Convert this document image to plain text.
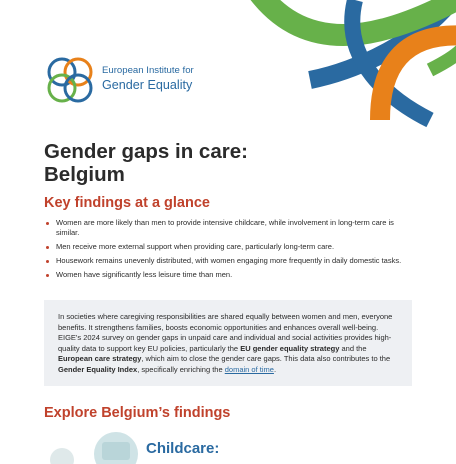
European Institute for
Gender Equality
Gender gaps in care:
Belgium
Key findings at a glance
Women are more likely than men to provide intensive childcare, while involvement in long-term care is similar.
Men receive more external support when providing care, particularly long-term care.
Housework remains unevenly distributed, with women engaging more frequently in daily domestic tasks.
Women have significantly less leisure time than men.

In societies where caregiving responsibilities are shared equally between women and men, everyone benefits. It strengthens families, boosts economic opportunities and enhances overall well-being. EIGE's 2024 survey on gender gaps in unpaid care and individual and social activities provides high-quality data to support key EU policies, particularly the EU gender equality strategy and the European care strategy, which aim to close the gender care gaps. This data also contributes to the Gender Equality Index, specifically enriching the domain of time.

Explore Belgium’s findings
Childcare:
